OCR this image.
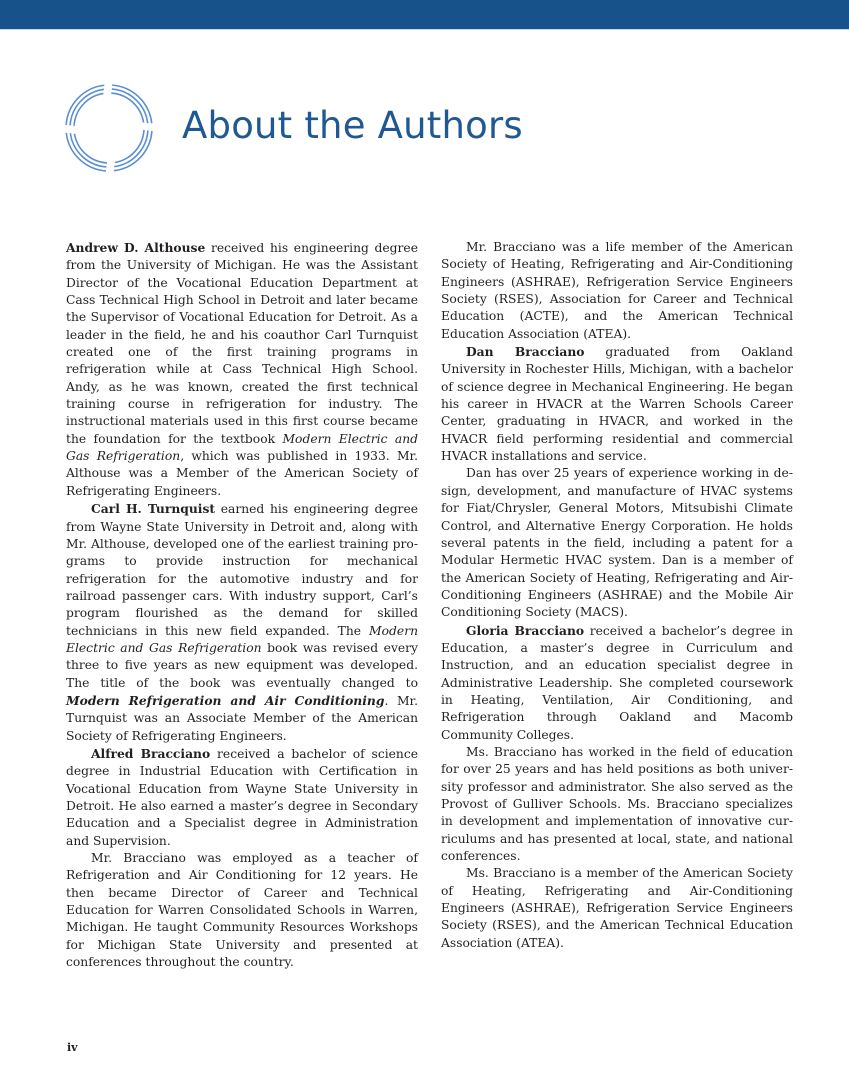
About the Authors

Andrew D. Althouse received his engineering degree from the University of Michigan. He was the Assistant Director of the Vocational Education Department at Cass Technical High School in Detroit and later became the Supervisor of Vocational Education for Detroit. As a leader in the field, he and his coauthor Carl Turnquist created one of the first training programs in refrigeration while at Cass Technical High School. Andy, as he was known, created the first technical training course in refrigeration for industry. The instructional materials used in this first course became the foundation for the textbook Modern Electric and Gas Refrigeration, which was published in 1933. Mr. Althouse was a Member of the American Society of Refrigerating Engineers.

Carl H. Turnquist earned his engineering degree from Wayne State University in Detroit and, along with Mr. Althouse, developed one of the earliest training programs to provide instruction for mechanical refrigeration for the automotive industry and for railroad passenger cars. With industry support, Carl’s program flourished as the demand for skilled technicians in this new field expanded. The Modern Electric and Gas Refrigeration book was revised every three to five years as new equipment was developed. The title of the book was eventually changed to Modern Refrigeration and Air Conditioning. Mr. Turnquist was an Associate Member of the American Society of Refrigerating Engineers.

Alfred Bracciano received a bachelor of science degree in Industrial Education with Certification in Vocational Education from Wayne State University in Detroit. He also earned a master’s degree in Secondary Education and a Specialist degree in Administration and Supervision.

Mr. Bracciano was employed as a teacher of Refrigeration and Air Conditioning for 12 years. He then became Director of Career and Technical Education for Warren Consolidated Schools in Warren, Michigan. He taught Community Resources Workshops for Michigan State University and presented at conferences throughout the country.

Mr. Bracciano was a life member of the American Society of Heating, Refrigerating and Air-Conditioning Engineers (ASHRAE), Refrigeration Service Engineers Society (RSES), Association for Career and Technical Education (ACTE), and the American Technical Education Association (ATEA).

Dan Bracciano graduated from Oakland University in Rochester Hills, Michigan, with a bachelor of science degree in Mechanical Engineering. He began his career in HVACR at the Warren Schools Career Center, graduating in HVACR, and worked in the HVACR field performing residential and commercial HVACR installations and service.

Dan has over 25 years of experience working in design, development, and manufacture of HVAC systems for Fiat/Chrysler, General Motors, Mitsubishi Climate Control, and Alternative Energy Corporation. He holds several patents in the field, including a patent for a Modular Hermetic HVAC system. Dan is a member of the American Society of Heating, Refrigerating and Air-Conditioning Engineers (ASHRAE) and the Mobile Air Conditioning Society (MACS).

Gloria Bracciano received a bachelor’s degree in Education, a master’s degree in Curriculum and Instruction, and an education specialist degree in Administrative Leadership. She completed coursework in Heating, Ventilation, Air Conditioning, and Refrigeration through Oakland and Macomb Community Colleges.

Ms. Bracciano has worked in the field of education for over 25 years and has held positions as both university professor and administrator. She also served as the Provost of Gulliver Schools. Ms. Bracciano specializes in development and implementation of innovative curriculums and has presented at local, state, and national conferences.

Ms. Bracciano is a member of the American Society of Heating, Refrigerating and Air-Conditioning Engineers (ASHRAE), Refrigeration Service Engineers Society (RSES), and the American Technical Education Association (ATEA).

iv
